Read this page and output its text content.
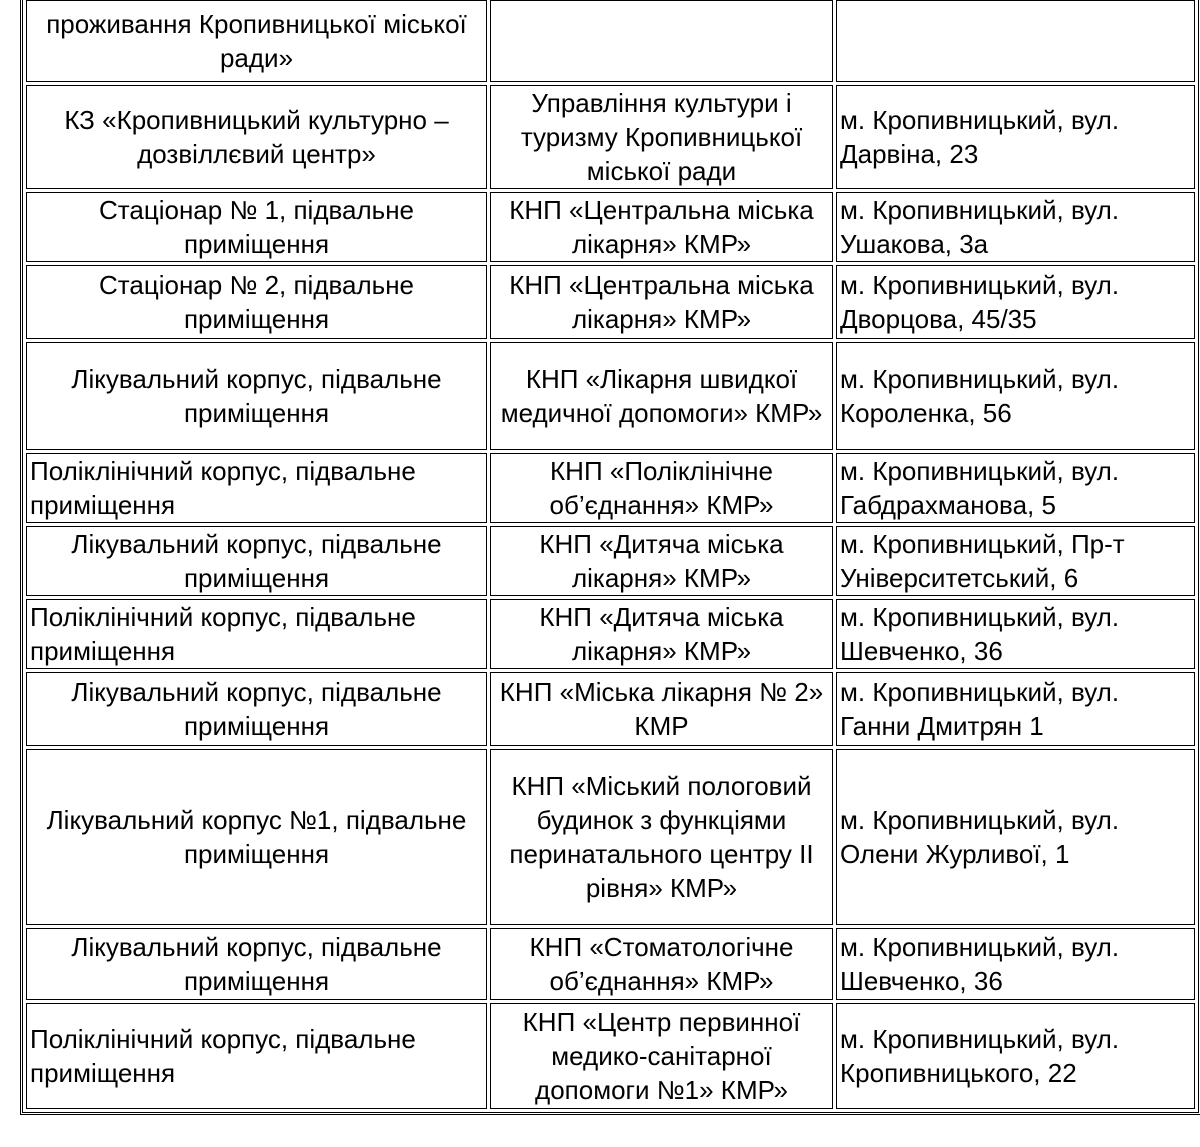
проживання Кропивницької міської ради»		
КЗ «Кропивницький культурно – дозвіллєвий центр»	Управління культури і туризму Кропивницької міської ради	м. Кропивницький, вул. Дарвіна, 23
Стаціонар № 1, підвальне приміщення	КНП «Центральна міська лікарня» КМР»	м. Кропивницький, вул. Ушакова, 3а
Стаціонар № 2, підвальне приміщення	КНП «Центральна міська лікарня» КМР»	м. Кропивницький, вул. Дворцова, 45/35
Лікувальний корпус, підвальне приміщення	КНП «Лікарня швидкої медичної допомоги» КМР»	м. Кропивницький, вул. Короленка, 56
Поліклінічний корпус, підвальне приміщення	КНП «Поліклінічне об’єднання» КМР»	м. Кропивницький, вул. Габдрахманова, 5
Лікувальний корпус, підвальне приміщення	КНП «Дитяча міська лікарня» КМР»	м. Кропивницький, Пр-т Університетський, 6
Поліклінічний корпус, підвальне приміщення	КНП «Дитяча міська лікарня» КМР»	м. Кропивницький, вул. Шевченко, 36
Лікувальний корпус, підвальне приміщення	КНП «Міська лікарня № 2» КМР	м. Кропивницький, вул. Ганни Дмитрян 1
Лікувальний корпус №1, підвальне приміщення	КНП «Міський пологовий будинок з функціями перинатального центру ІІ рівня» КМР»	м. Кропивницький, вул. Олени Журливої, 1
Лікувальний корпус, підвальне приміщення	КНП «Стоматологічне об’єднання» КМР»	м. Кропивницький, вул. Шевченко, 36
Поліклінічний корпус, підвальне приміщення	КНП «Центр первинної медико-санітарної допомоги №1» КМР»	м. Кропивницький, вул. Кропивницького, 22
